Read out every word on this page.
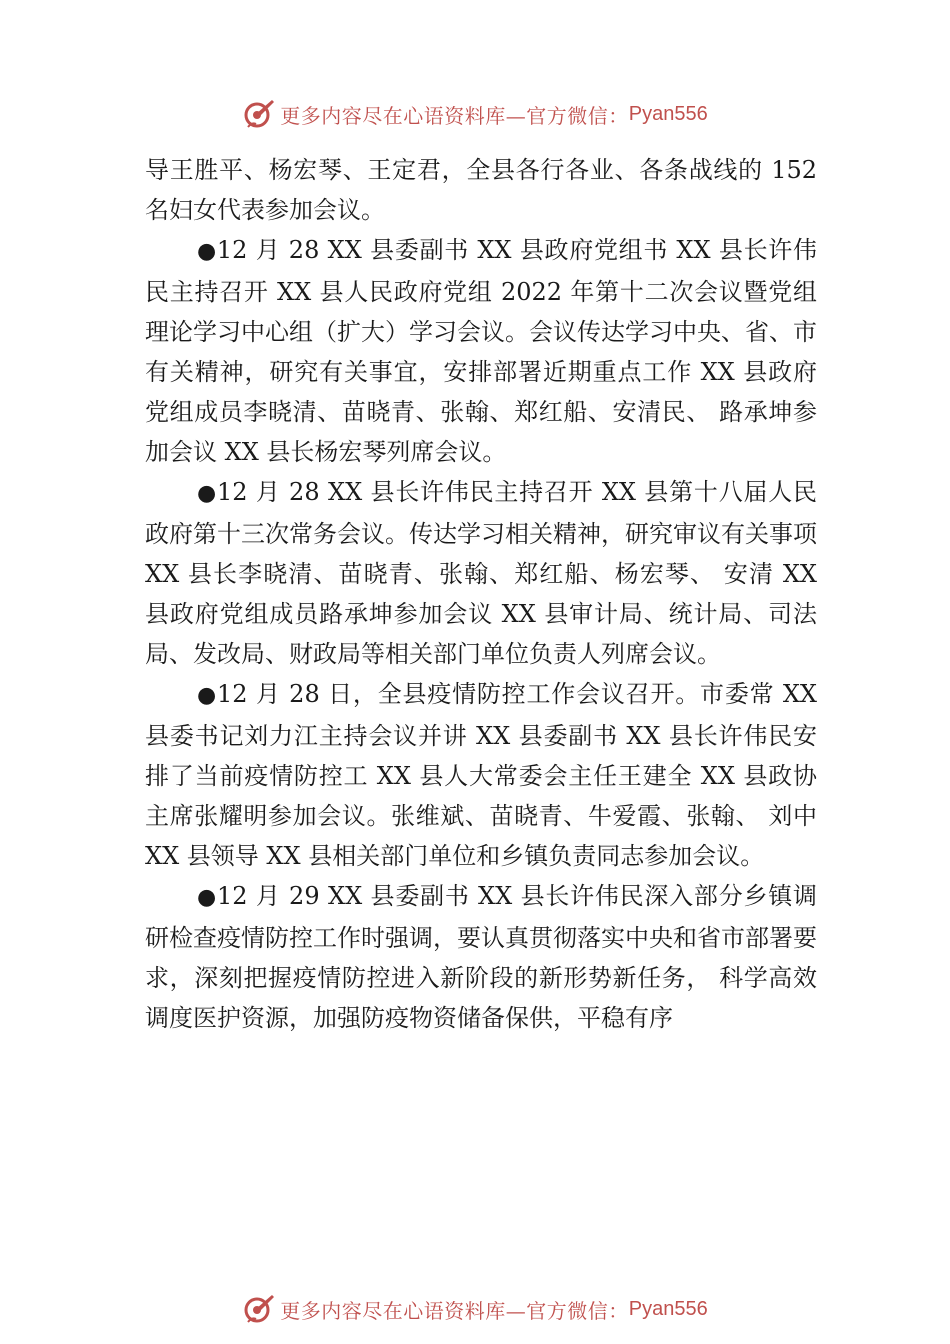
更多内容尽在心语资料库—官方微信： Pyan556

导王胜平、杨宏琴、王定君，全县各行各业、各条战线的 152 名妇女代表参加会议。

●12 月 28 XX 县委副书 XX 县政府党组书 XX 县长许伟民主持召开 XX 县人民政府党组 2022 年第十二次会议暨党组理论学习中心组（扩大）学习会议。会议传达学习中央、省、市有关精神，研究有关事宜，安排部署近期重点工作 XX 县政府党组成员李晓清、苗晓青、张翰、郑红船、安清民、 路承坤参加会议 XX 县长杨宏琴列席会议。

●12 月 28 XX 县长许伟民主持召开 XX 县第十八届人民政府第十三次常务会议。传达学习相关精神，研究审议有关事项 XX 县长李晓清、苗晓青、张翰、郑红船、杨宏琴、 安清 XX 县政府党组成员路承坤参加会议 XX 县审计局、统计局、司法局、发改局、财政局等相关部门单位负责人列席会议。

●12 月 28 日，全县疫情防控工作会议召开。市委常 XX 县委书记刘力江主持会议并讲 XX 县委副书 XX 县长许伟民安排了当前疫情防控工 XX 县人大常委会主任王建全 XX 县政协主席张耀明参加会议。张维斌、苗晓青、牛爱霞、张翰、 刘中 XX 县领导 XX 县相关部门单位和乡镇负责同志参加会议。

●12 月 29 XX 县委副书 XX 县长许伟民深入部分乡镇调研检查疫情防控工作时强调，要认真贯彻落实中央和省市部署要求，深刻把握疫情防控进入新阶段的新形势新任务， 科学高效调度医护资源，加强防疫物资储备保供，平稳有序

更多内容尽在心语资料库—官方微信： Pyan556
